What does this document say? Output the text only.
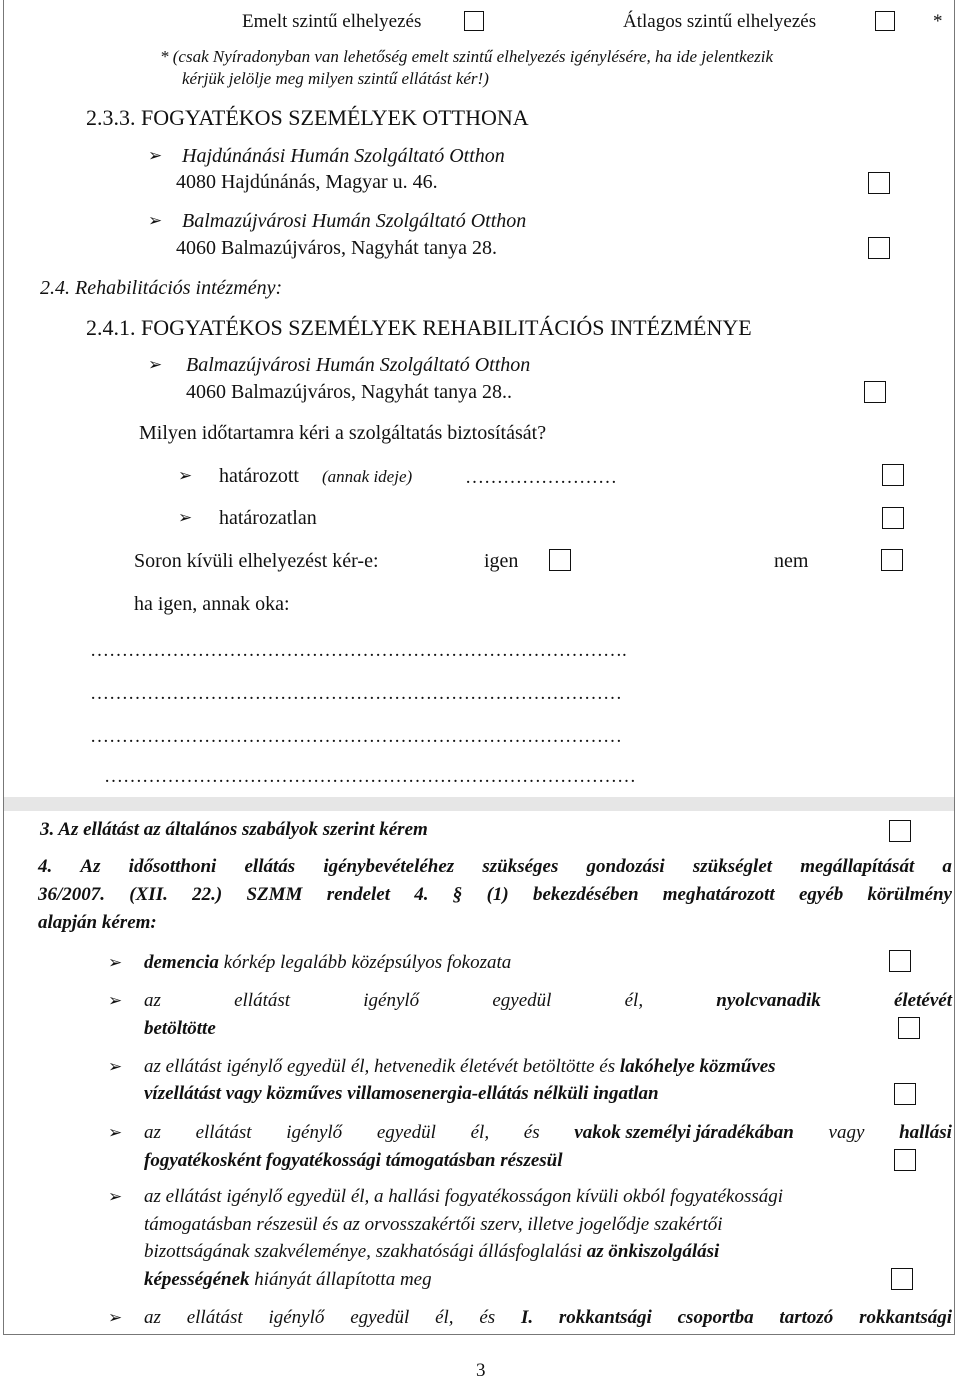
Emelt szintű elhelyezés	Átlagos szintű elhelyezés	*
* (csak Nyíradonyban van lehetőség emelt szintű elhelyezés igénylésére, ha ide jelentkezik
kérjük jelölje meg milyen szintű ellátást kér!)
2.3.3. FOGYATÉKOS SZEMÉLYEK OTTHONA
➢ Hajdúnánási Humán Szolgáltató Otthon
4080 Hajdúnánás, Magyar u. 46.
➢ Balmazújvárosi Humán Szolgáltató Otthon
4060 Balmazújváros, Nagyhát tanya 28.
2.4. Rehabilitációs intézmény:
2.4.1. FOGYATÉKOS SZEMÉLYEK REHABILITÁCIÓS INTÉZMÉNYE
➢ Balmazújvárosi Humán Szolgáltató Otthon
4060 Balmazújváros, Nagyhát tanya 28..
Milyen időtartamra kéri a szolgáltatás biztosítását?
➢ határozott (annak ideje)	……………………
➢ határozatlan
Soron kívüli elhelyezést kér-e:	igen	nem
ha igen, annak oka:
………………………………………………………………………….
…………………………………………………………………………
…………………………………………………………………………
…………………………………………………………………………
3. Az ellátást az általános szabályok szerint kérem
4. Az idősotthoni ellátás igénybevételéhez szükséges gondozási szükséglet megállapítását a
36/2007. (XII. 22.) SZMM rendelet 4. § (1) bekezdésében meghatározott egyéb körülmény
alapján kérem:
➢ demencia kórkép legalább középsúlyos fokozata
➢ az	ellátást	igénylő	egyedül	él,	nyolcvanadik	életévét
betöltötte
➢ az ellátást igénylő egyedül él, hetvenedik életévét betöltötte és lakóhelye közműves
vízellátást vagy közműves villamosenergia-ellátás nélküli ingatlan
➢ az ellátást igénylő egyedül él, és vakok személyi járadékában vagy hallási
fogyatékosként fogyatékossági támogatásban részesül
➢ az ellátást igénylő egyedül él, a hallási fogyatékosságon kívüli okból fogyatékossági
támogatásban részesül és az orvosszakértői szerv, illetve jogelődje szakértői
bizottságának szakvéleménye, szakhatósági állásfoglalási az önkiszolgálási
képességének hiányát állapította meg
➢ az ellátást igénylő egyedül él, és I. rokkantsági csoportba tartozó rokkantsági
3
